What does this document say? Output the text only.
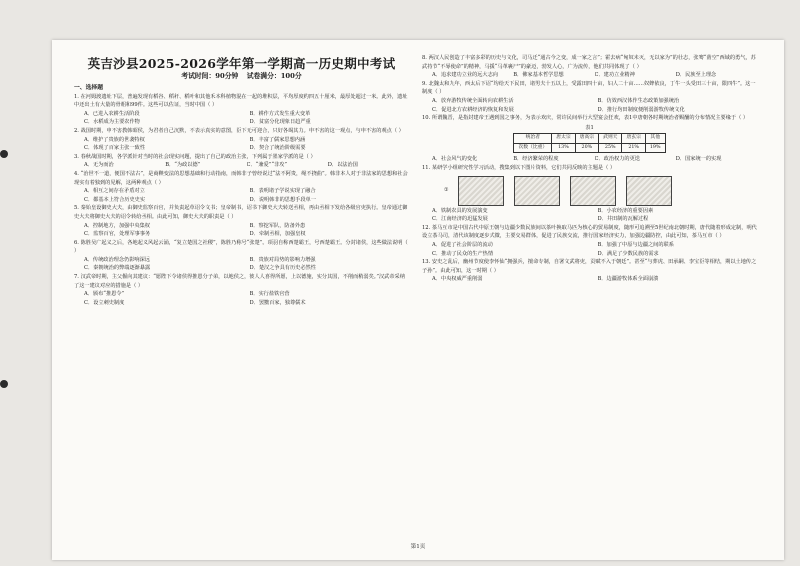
英吉沙县2025-2026学年第一学期高一历史期中考试
考试时间：90分钟 试卷满分：100分
一、选择题

1. 在河姆渡遗址下层，普遍发现有稻谷、稻秆、稻叶和其他禾本科植物混在一起的堆积层，平均厚度约四五十厘米，最厚处超过一米。此外，遗址中还出土有大量的骨耜和99件。这些可以佐证，当时中国（ ）

A．已进入农耕生活阶段	B．耕作方式发生重大变革
C．水稻成为主要农作物	D．贫富分化现象日趋严重

2. 战国时期，申不害教韩昭侯，为君者自己沉默，不表示真实的意图，臣下无可迎合，只好各竭其力。申不害的这一观点，与申不害的观点（ ）

A．维护了贵族的世袭特权	B．丰富了儒家思想内涵
C．体现了百家主张一致性	D．契合了统治阶级需要

3. 春秋战国时期，各学派针对当时的社会现实问题，提出了自己的政治主张，下列属于墨家学派的是（ ）

A．无为而治	B．“为政以德”	C．“兼爱”“非攻”	D．以法治国

4. “治世不一道，便国不法古”，是商鞅变法的思想基础和行动指南，而韩非子曾经说过“法不阿贵，绳不挠曲”。韩非本人对于非法家的思想和社会现实有着独到的见解，这两种观点（ ）

A．相互之间存在矛盾对立	B．表明诸子学说实现了融合
C．都基本上符合历史史实	D．说明韩非的思想手段单一

5. 秦始皇设御史大夫，由御史监察百官，并负责起草诏令文书；皇帝制书，诏书下御史大夫转送丞相，再由丞相下发给各级官吏执行。皇帝通过御史大夫将御史大夫的诏令转给丞相。由此可知，御史大夫的职责是（ ）

A．控制地方，加强中央集权	B．察挖军队，防备外患
C．监察百官，处理军事事务	D．牵制丞相，加强皇权

6. 陈胜吴广起义之后，各地起义风起云涌，“复立楚国之社稷”，陈胜乃称号“张楚”。项羽自称西楚霸王，号西楚霸王。分封诸侯，这些做法说明（ ）

A．传统政治理念仍影响深远	B．贵族对局势的影响力增强
C．秦朝统治的弊端逐渐暴露	D．楚汉之争具有历史必然性

7. 汉武帝时期，主父偃向其建议：“愿陛下令诸侯得推恩分子弟，以地侯之，彼人人喜得所愿，上以德施，实分其国，不削而稍弱矣。”汉武帝采纳了这一建议对应的措施是（ ）

A．颁布“推恩令”	B．实行盐铁官营
C．设立刺史制度	D．罢黜百家，独尊儒术

8. 两汉人民创造了丰富多彩的历史与文化，司马迁“通古今之变，成一家之言”；霍去病“匈奴未灭，无以家为”的壮志，张骞“凿空”西域的勇气，苏武持节“不辱使命”的精神，马援“马革裹尸”的豪迈，勃发人心，广为流传，他们共同体现了（ ）

A．追求建功立业的远大志向	B．佛家基本哲学思想	C．建功立业精神	D．民族至上理念

9. 北魏太和九年，西太后下诏“均给天下民田，诸男夫十五以上，受露田四十亩，妇人二十亩……奴婢依良，丁牛一头受田三十亩，限四牛”。这一制度（ ）

A．放弃游牧传统全面转向农耕生活	B．仿效西汉体作生态政策加强统治
C．促进北方农耕经济的恢复和发展	D．推行均田制度便削弱游牧传统文化

10. 所谓魏晋，是指封建帝王遇到国之事务，为表示欢庆，常许民间举行大型宴会狂欢，表1中唐朝各时期统治者赐酺的分布情况主要缘于（ ）

表1
统治者	唐太宗	唐高宗	武则天	唐玄宗	其他
次数（比重）	13%	20%	25%	21%	19%
A．社会风气的变化	B．经济繁荣的程度	C．政治权力的更迭	D．国家统一的实现

11. 某研学小组研究性学习活动，搜集到以下图片资料，它们共同反映的主题是（ ）

①
A．铁制农具的发展演变	B．小农经济的重要因素
C．江南经济的迅猛发展	D．井田制的瓦解过程

12. 茶马互市是中国古代中原王朝与边疆少数民族间以茶叶换取马匹为核心的贸易制度，随形可追溯至5世纪南北朝时期，唐代随着形成定制，明代设立茶马司，清代该制度逐步式微，主要交易群体，促进了民族交流，推行国家经济实力，加强边疆防控，由此可知，茶马互市（ ）

A．促进了社会阶层的流动	B．加强了中原与边疆之间的联系
C．推动了民众的生产热情	D．满足了少数民族的需求

13. 安史之乱后，幽州节度使李怀仙“拥强兵，擅命专制，自署文武将吏，贡赋不入于朝廷”。甚至“与葬虎、田承嗣、李宝臣等相结，期以土地传之子孙”。由此可知，这一时期（ ）

A．中央权威严重削弱	B．边疆游牧体系全面崩溃
第1页
